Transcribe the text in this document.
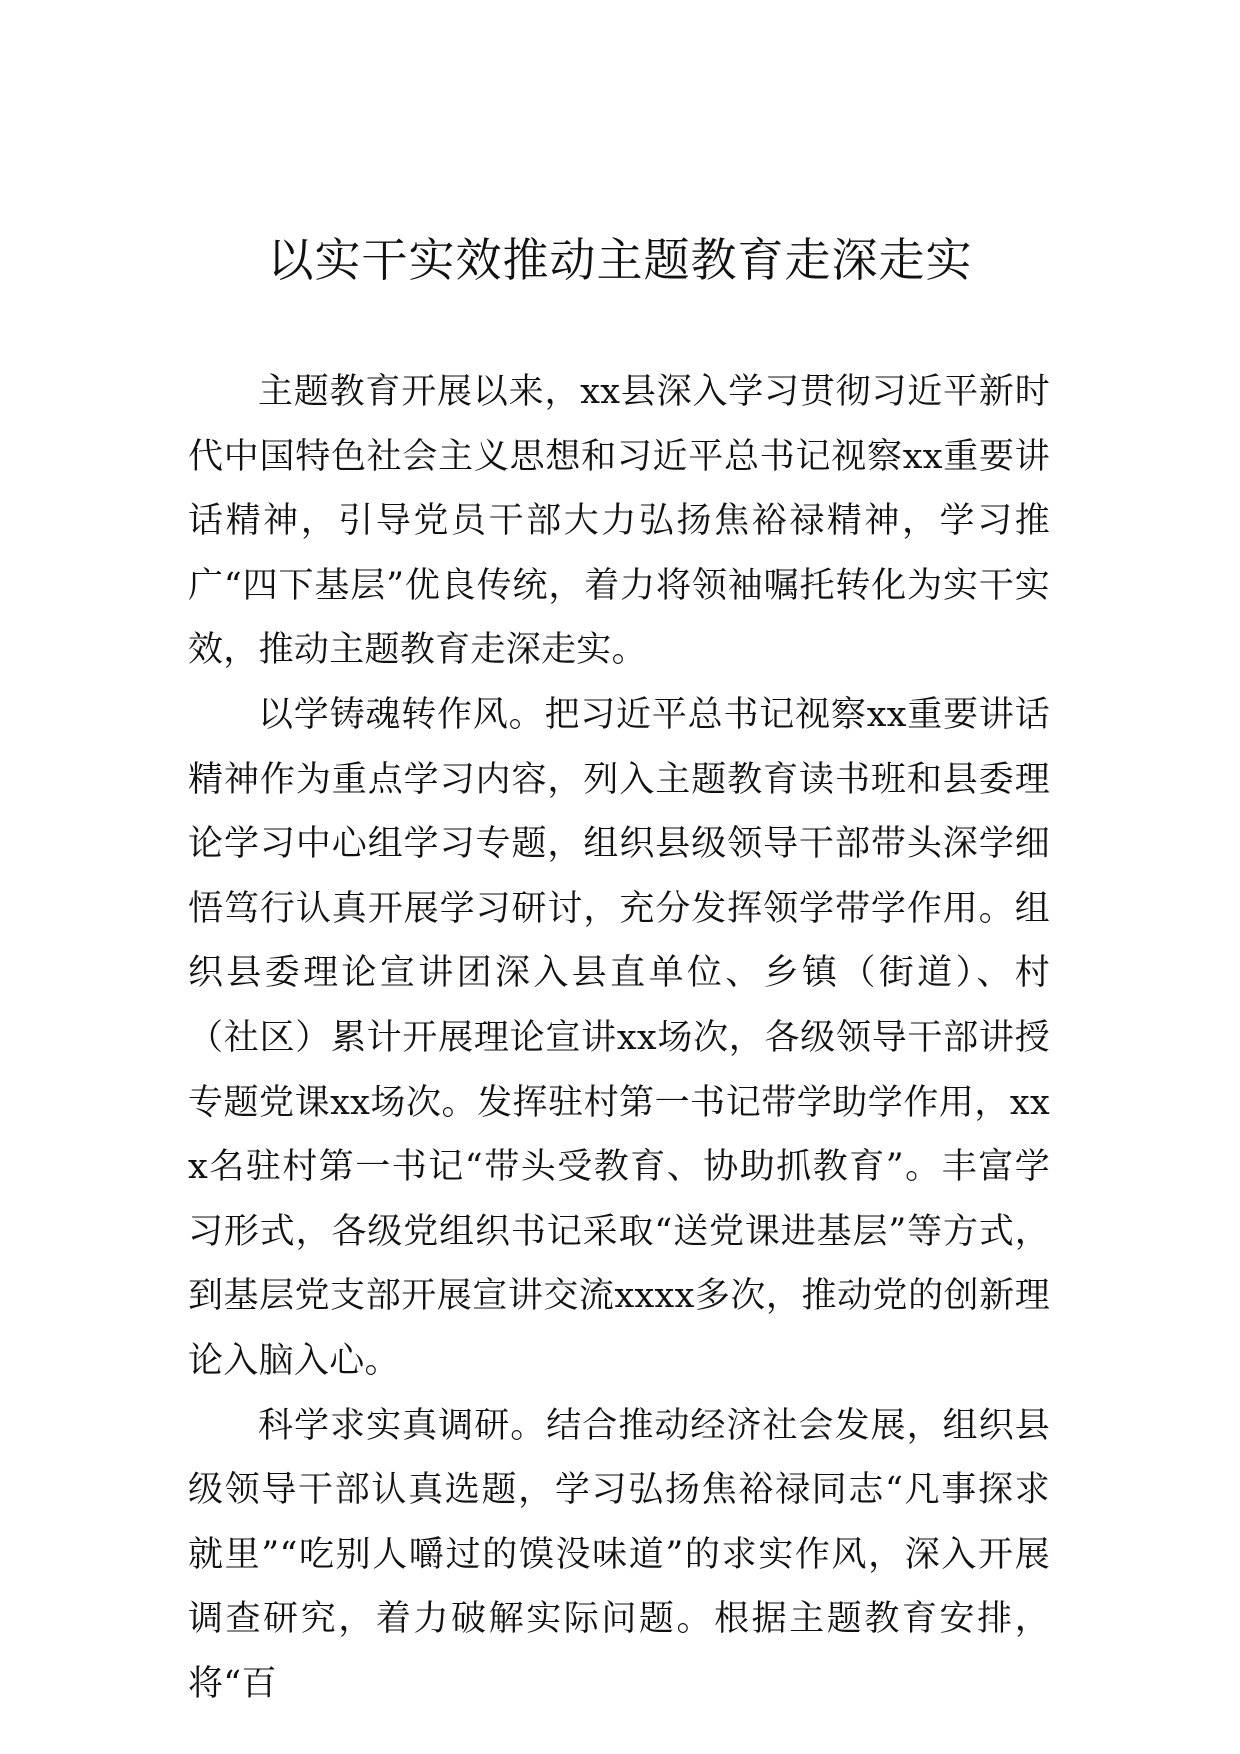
以实干实效推动主题教育走深走实

主题教育开展以来，xx县深入学习贯彻习近平新时代中国特色社会主义思想和习近平总书记视察xx重要讲话精神，引导党员干部大力弘扬焦裕禄精神，学习推广“四下基层”优良传统，着力将领袖嘱托转化为实干实效，推动主题教育走深走实。

以学铸魂转作风。把习近平总书记视察xx重要讲话精神作为重点学习内容，列入主题教育读书班和县委理论学习中心组学习专题，组织县级领导干部带头深学细悟笃行认真开展学习研讨，充分发挥领学带学作用。组织县委理论宣讲团深入县直单位、乡镇（街道）、村（社区）累计开展理论宣讲xx场次，各级领导干部讲授专题党课xx场次。发挥驻村第一书记带学助学作用，xxx名驻村第一书记“带头受教育、协助抓教育”。丰富学习形式，各级党组织书记采取“送党课进基层”等方式，到基层党支部开展宣讲交流xxxx多次，推动党的创新理论入脑入心。

科学求实真调研。结合推动经济社会发展，组织县级领导干部认真选题，学习弘扬焦裕禄同志“凡事探求就里”“吃别人嚼过的馍没味道”的求实作风，深入开展调查研究，着力破解实际问题。根据主题教育安排，将“百
